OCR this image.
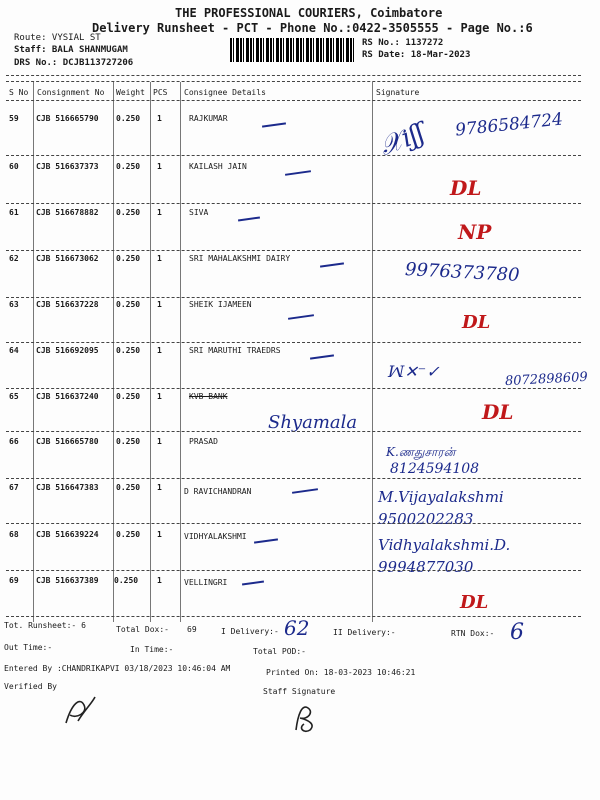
THE PROFESSIONAL COURIERS, Coimbatore
Delivery Runsheet - PCT - Phone No.:0422-3505555 - Page No.:6
Route: VYSIAL ST
Staff: BALA SHANMUGAM
DRS No.: DCJB113727206
RS No.: 1137272
RS Date: 18-Mar-2023
S No Consignment No Weight PCS Consignee Details	Signature
59 CJB 516665790 0.250 1	RAJKUMAR	𝒳ıʃʃ 9786584724
60 CJB 516637373 0.250 1	KAILASH JAIN
DL
61 CJB 516678882 0.250 1	SIVA
NP
62 CJB 516673062 0.250 1	SRI MAHALAKSHMI DAIRY
9976373780
63 CJB 516637228 0.250 1	SHEIK IJAMEEN
DL
64 CJB 516692095 0.250 1	SRI MARUTHI TRAEDRS
ꟽ✕⁻✓	8072898609
65 CJB 516637240 0.250 1	KVB BANK
Shyamala	DL
66 CJB 516665780 0.250 1	PRASAD
K.ணதுசாரன்
8124594108
67 CJB 516647383 0.250 1	D RAVICHANDRAN	M.Vijayalakshmi 9500202283
68 CJB 516639224 0.250 1	VIDHYALAKSHMI	Vidhyalakshmi.D. 9994877030
69 CJB 516637389 0.250 1	VELLINGRI
DL
Tot. Runsheet:- 6	Total Dox:- 69	I Delivery:- 62	II Delivery:-	RTN Dox:- 6
Out Time:-	In Time:-	Total POD:-
Entered By :CHANDRIKAPVI 03/18/2023 10:46:04 AM	Printed On: 18-03-2023 10:46:21
Verified By
Staff Signature
